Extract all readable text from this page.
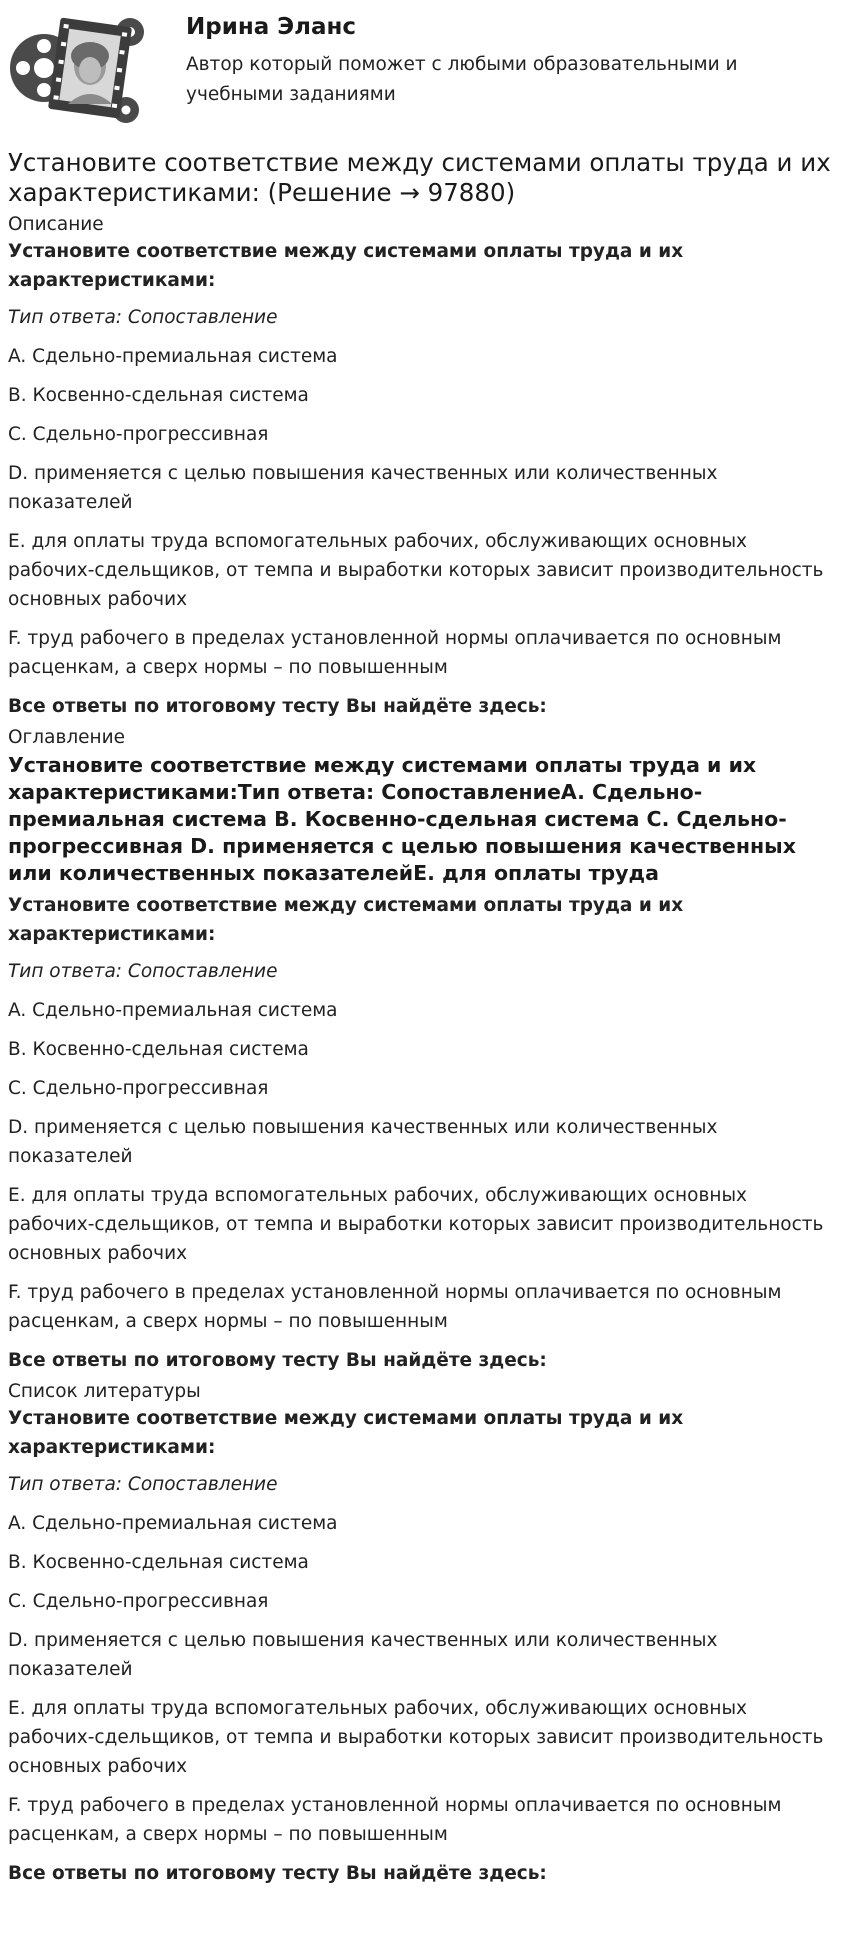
Ирина Эланс
Автор который поможет с любыми образовательными и учебными заданиями
Установите соответствие между системами оплаты труда и их характеристиками: (Решение → 97880)
Описание

Установите соответствие между системами оплаты труда и их характеристиками:

Тип ответа: Сопоставление

A. Сдельно-премиальная система

B. Косвенно-сдельная система

C. Сдельно-прогрессивная

D. применяется с целью повышения качественных или количественных показателей

E. для оплаты труда вспомогательных рабочих, обслуживающих основных рабочих-сдельщиков, от темпа и выработки которых зависит производительность основных рабочих

F. труд рабочего в пределах установленной нормы оплачивается по основным расценкам, а сверх нормы – по повышенным

Все ответы по итоговому тесту Вы найдёте здесь:

Оглавление
Установите соответствие между системами оплаты труда и их характеристиками:Тип ответа: СопоставлениеA. Сдельно-премиальная система B. Косвенно-сдельная система C. Сдельно-прогрессивная D. применяется с целью повышения качественных или количественных показателейE. для оплаты труда

Установите соответствие между системами оплаты труда и их характеристиками:

Тип ответа: Сопоставление

A. Сдельно-премиальная система

B. Косвенно-сдельная система

C. Сдельно-прогрессивная

D. применяется с целью повышения качественных или количественных показателей

E. для оплаты труда вспомогательных рабочих, обслуживающих основных рабочих-сдельщиков, от темпа и выработки которых зависит производительность основных рабочих

F. труд рабочего в пределах установленной нормы оплачивается по основным расценкам, а сверх нормы – по повышенным

Все ответы по итоговому тесту Вы найдёте здесь:

Список литературы

Установите соответствие между системами оплаты труда и их характеристиками:

Тип ответа: Сопоставление

A. Сдельно-премиальная система

B. Косвенно-сдельная система

C. Сдельно-прогрессивная

D. применяется с целью повышения качественных или количественных показателей

E. для оплаты труда вспомогательных рабочих, обслуживающих основных рабочих-сдельщиков, от темпа и выработки которых зависит производительность основных рабочих

F. труд рабочего в пределах установленной нормы оплачивается по основным расценкам, а сверх нормы – по повышенным

Все ответы по итоговому тесту Вы найдёте здесь:
